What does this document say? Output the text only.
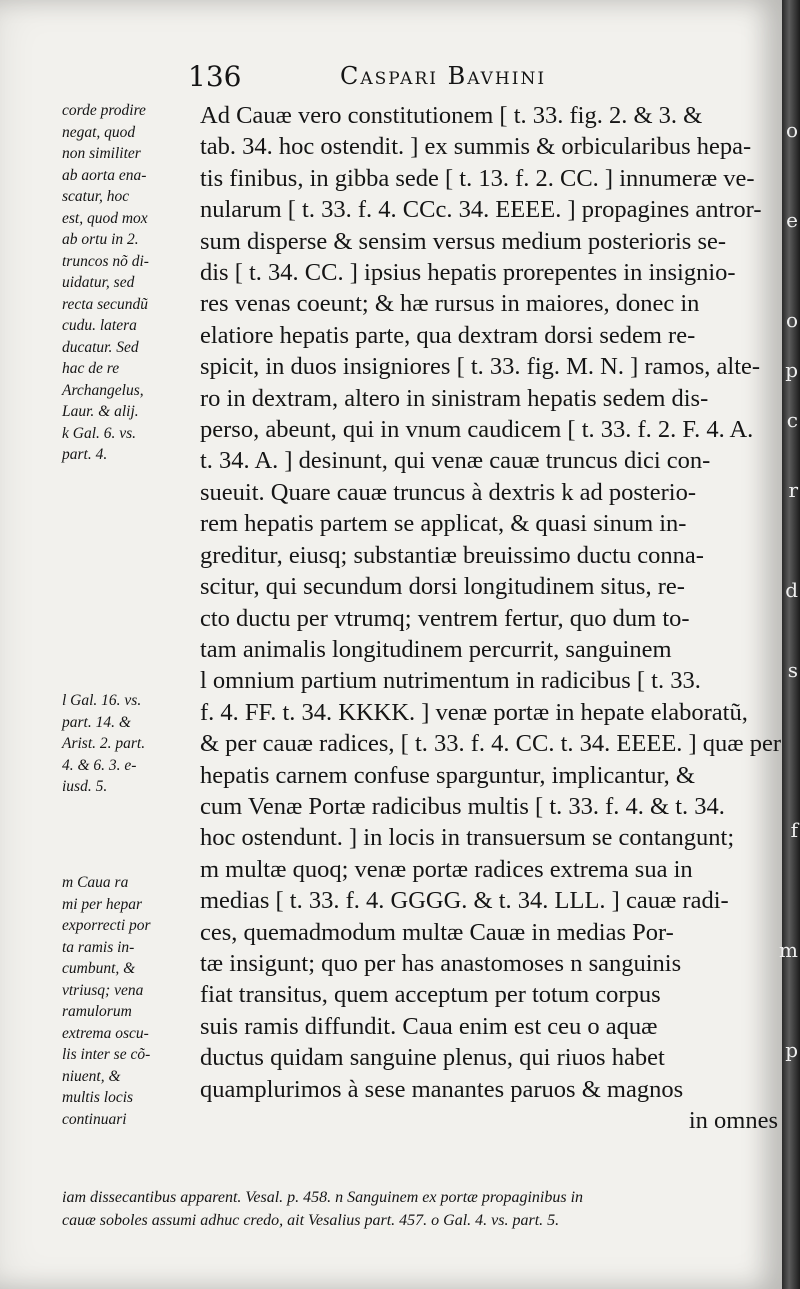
136	Caspari Bavhini
corde prodire
negat, quod
non similiter
ab aorta ena-
scatur, hoc
est, quod mox
ab ortu in 2.
truncos nõ di-
uidatur, sed
recta secundũ
cudu. latera
ducatur. Sed
hac de re
Archangelus,
Laur. & alij.
k Gal. 6. vs.
part. 4.
l Gal. 16. vs.
part. 14. &
Arist. 2. part.
4. & 6. 3. e-
iusd. 5.
m Caua ra
mi per hepar
exporrecti por
ta ramis in-
cumbunt, &
vtriusq; vena
ramulorum
extrema oscu-
lis inter se cõ-
niuent, &
multis locis
continuari
Ad Cauæ vero constitutionem [ t. 33. fig. 2. & 3. &
tab. 34. hoc ostendit. ] ex summis & orbicularibus hepa-
tis finibus, in gibba sede [ t. 13. f. 2. CC. ] innumeræ ve-
nularum [ t. 33. f. 4. CCc. 34. EEEE. ] propagines antror-
sum disperse & sensim versus medium posterioris se-
dis [ t. 34. CC. ] ipsius hepatis prorepentes in insignio-
res venas coeunt; & hæ rursus in maiores, donec in
elatiore hepatis parte, qua dextram dorsi sedem re-
spicit, in duos insigniores [ t. 33. fig. M. N. ] ramos, alte-
ro in dextram, altero in sinistram hepatis sedem dis-
perso, abeunt, qui in vnum caudicem [ t. 33. f. 2. F. 4. A.
t. 34. A. ] desinunt, qui venæ cauæ truncus dici con-
sueuit. Quare cauæ truncus à dextris k ad posterio-
rem hepatis partem se applicat, & quasi sinum in-
greditur, eiusq; substantiæ breuissimo ductu conna-
scitur, qui secundum dorsi longitudinem situs, re-
cto ductu per vtrumq; ventrem fertur, quo dum to-
tam animalis longitudinem percurrit, sanguinem
l omnium partium nutrimentum in radicibus [ t. 33.
f. 4. FF. t. 34. KKKK. ] venæ portæ in hepate elaboratũ,
& per cauæ radices, [ t. 33. f. 4. CC. t. 34. EEEE. ] quæ per
hepatis carnem confuse sparguntur, implicantur, &
cum Venæ Portæ radicibus multis [ t. 33. f. 4. & t. 34.
hoc ostendunt. ] in locis in transuersum se contangunt;
m multæ quoq; venæ portæ radices extrema sua in
medias [ t. 33. f. 4. GGGG. & t. 34. LLL. ] cauæ radi-
ces, quemadmodum multæ Cauæ in medias Por-
tæ insigunt; quo per has anastomoses n sanguinis
fiat transitus, quem acceptum per totum corpus
suis ramis diffundit. Caua enim est ceu o aquæ
ductus quidam sanguine plenus, qui riuos habet
quamplurimos à sese manantes paruos & magnos
in omnes
iam dissecantibus apparent. Vesal. p. 458. n Sanguinem ex portæ propaginibus in
cauæ soboles assumi adhuc credo, ait Vesalius part. 457. o Gal. 4. vs. part. 5.
o
e
o
p
c
r
d
s
f
m
p
